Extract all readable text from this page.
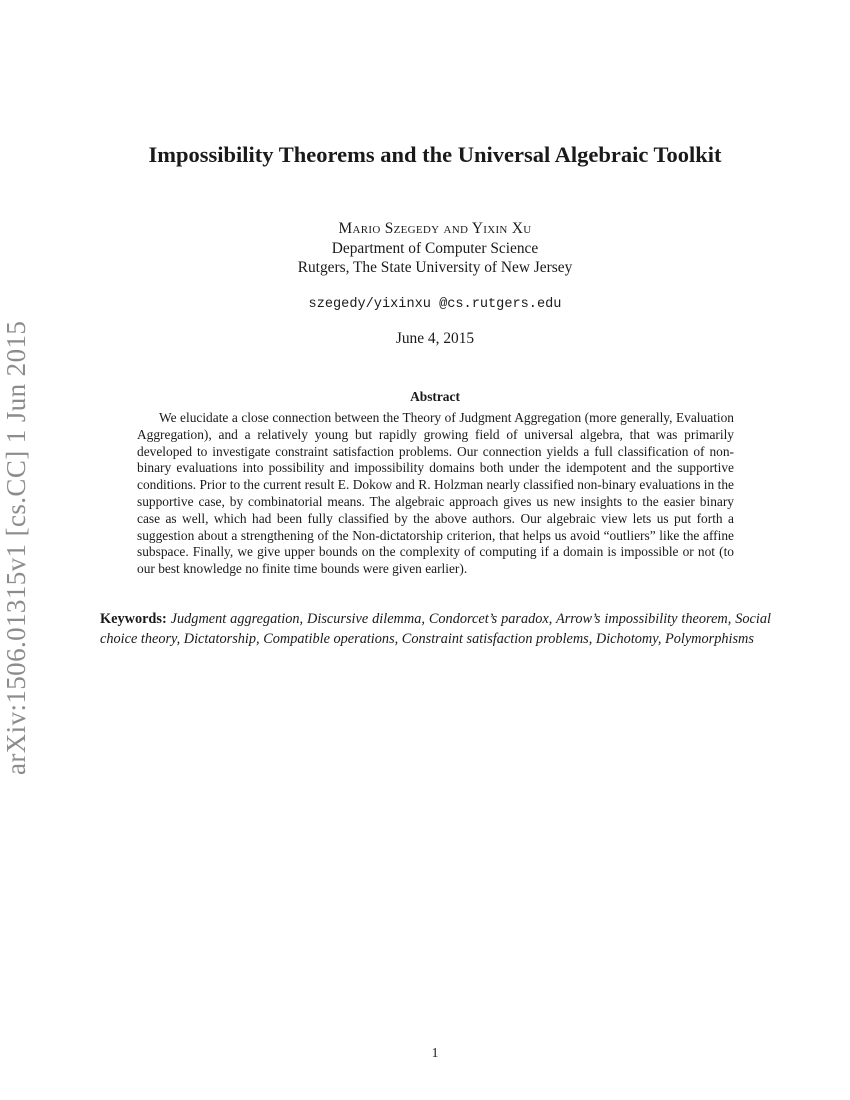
arXiv:1506.01315v1 [cs.CC] 1 Jun 2015
Impossibility Theorems and the Universal Algebraic Toolkit
Mario Szegedy and Yixin Xu
Department of Computer Science
Rutgers, The State University of New Jersey
szegedy/yixinxu @cs.rutgers.edu
June 4, 2015
Abstract

We elucidate a close connection between the Theory of Judgment Aggregation (more generally, Evaluation Aggregation), and a relatively young but rapidly growing field of universal algebra, that was primarily developed to investigate constraint satisfaction problems. Our connection yields a full classification of non-binary evaluations into possibility and impossibility domains both under the idempotent and the supportive conditions. Prior to the current result E. Dokow and R. Holzman nearly classified non-binary evaluations in the supportive case, by combinatorial means. The algebraic approach gives us new insights to the easier binary case as well, which had been fully classified by the above authors. Our algebraic view lets us put forth a suggestion about a strengthening of the Non-dictatorship criterion, that helps us avoid “outliers” like the affine subspace. Finally, we give upper bounds on the complexity of computing if a domain is impossible or not (to our best knowledge no finite time bounds were given earlier).

Keywords: Judgment aggregation, Discursive dilemma, Condorcet’s paradox, Arrow’s impossibility theorem, Social choice theory, Dictatorship, Compatible operations, Constraint satisfaction problems, Dichotomy, Polymorphisms

1
